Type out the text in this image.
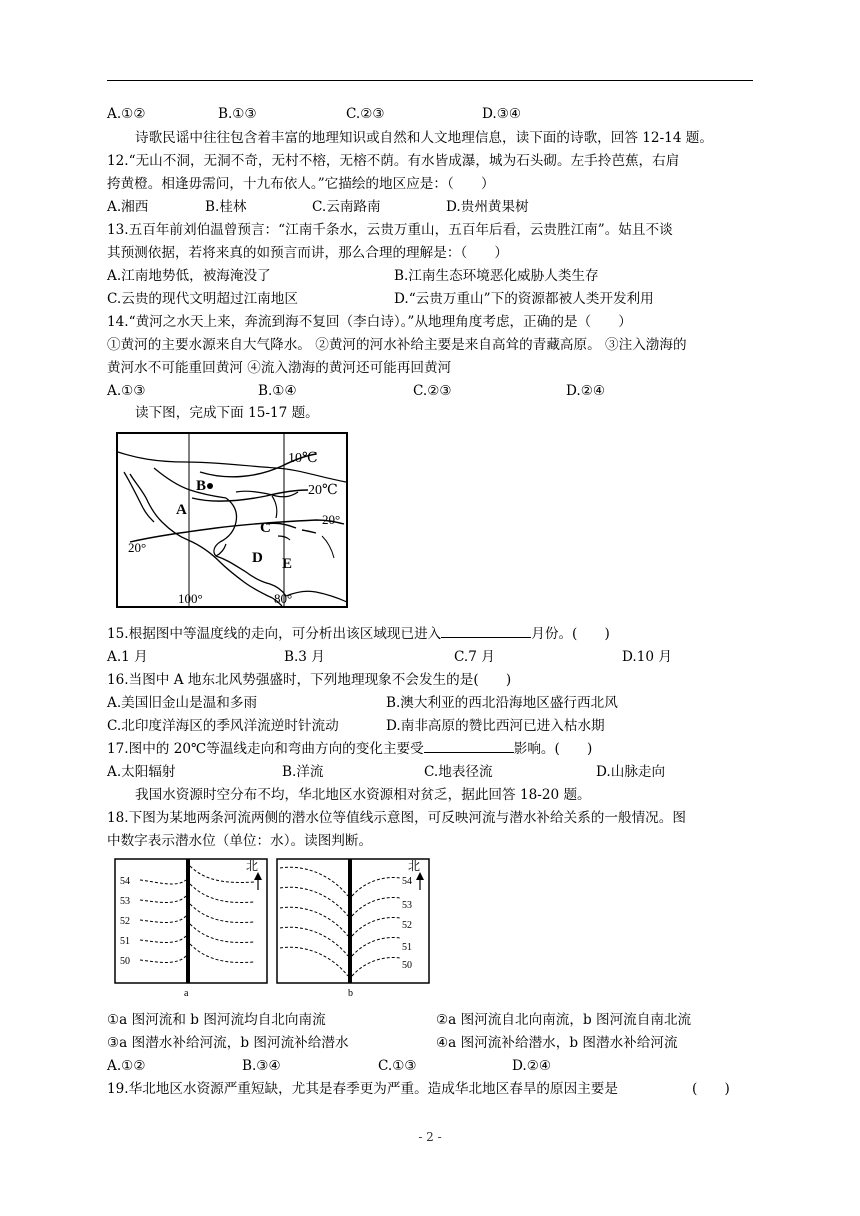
A.①②	B.①③	C.②③	D.③④
诗歌民谣中往往包含着丰富的地理知识或自然和人文地理信息，读下面的诗歌，回答 12-14 题。
12.“无山不洞，无洞不奇，无村不榕，无榕不荫。有水皆成瀑，城为石头砌。左手拎芭蕉，右肩
挎黄橙。相逢毋需问，十九布依人。”它描绘的地区应是：（　　）
A.湘西	B.桂林	C.云南路南	D.贵州黄果树
13.五百年前刘伯温曾预言：“江南千条水，云贵万重山，五百年后看，云贵胜江南”。姑且不谈
其预测依据，若将来真的如预言而讲，那么合理的理解是：（　　）
A.江南地势低，被海淹没了	B.江南生态环境恶化威胁人类生存
C.云贵的现代文明超过江南地区	D.“云贵万重山”下的资源都被人类开发利用
14.“黄河之水天上来，奔流到海不复回（李白诗）。”从地理角度考虑，正确的是（　　）
①黄河的主要水源来自大气降水。 ②黄河的河水补给主要是来自高耸的青藏高原。 ③注入渤海的
黄河水不可能重回黄河 ④流入渤海的黄河还可能再回黄河
A.①③	B.①④	C.②③	D.②④
读下图，完成下面 15-17 题。
10℃
20℃
20°
20°
100°	80°
A
B
C
D E
15.根据图中等温度线的走向，可分析出该区域现已进入	月份。(　　)
A.1 月	B.3 月	C.7 月	D.10 月
16.当图中 A 地东北风势强盛时，下列地理现象不会发生的是(　　)
A.美国旧金山是温和多雨	B.澳大利亚的西北沿海地区盛行西北风
C.北印度洋海区的季风洋流逆时针流动	D.南非高原的赞比西河已进入枯水期
17.图中的 20℃等温线走向和弯曲方向的变化主要受	影响。(　　)
A.太阳辐射	B.洋流	C.地表径流	D.山脉走向
我国水资源时空分布不均，华北地区水资源相对贫乏，据此回答 18-20 题。
18.下图为某地两条河流两侧的潜水位等值线示意图，可反映河流与潜水补给关系的一般情况。图
中数字表示潜水位（单位：水）。读图判断。
北
54
53
52
51
50
a
北
54
53
52
51
50
b
①a 图河流和 b 图河流均自北向南流	②a 图河流自北向南流，b 图河流自南北流
③a 图潜水补给河流，b 图河流补给潜水	④a 图河流补给潜水，b 图潜水补给河流
A.①②	B.③④	C.①③	D.②④
19.华北地区水资源严重短缺，尤其是春季更为严重。造成华北地区春旱的原因主要是	(　　)
- 2 -
